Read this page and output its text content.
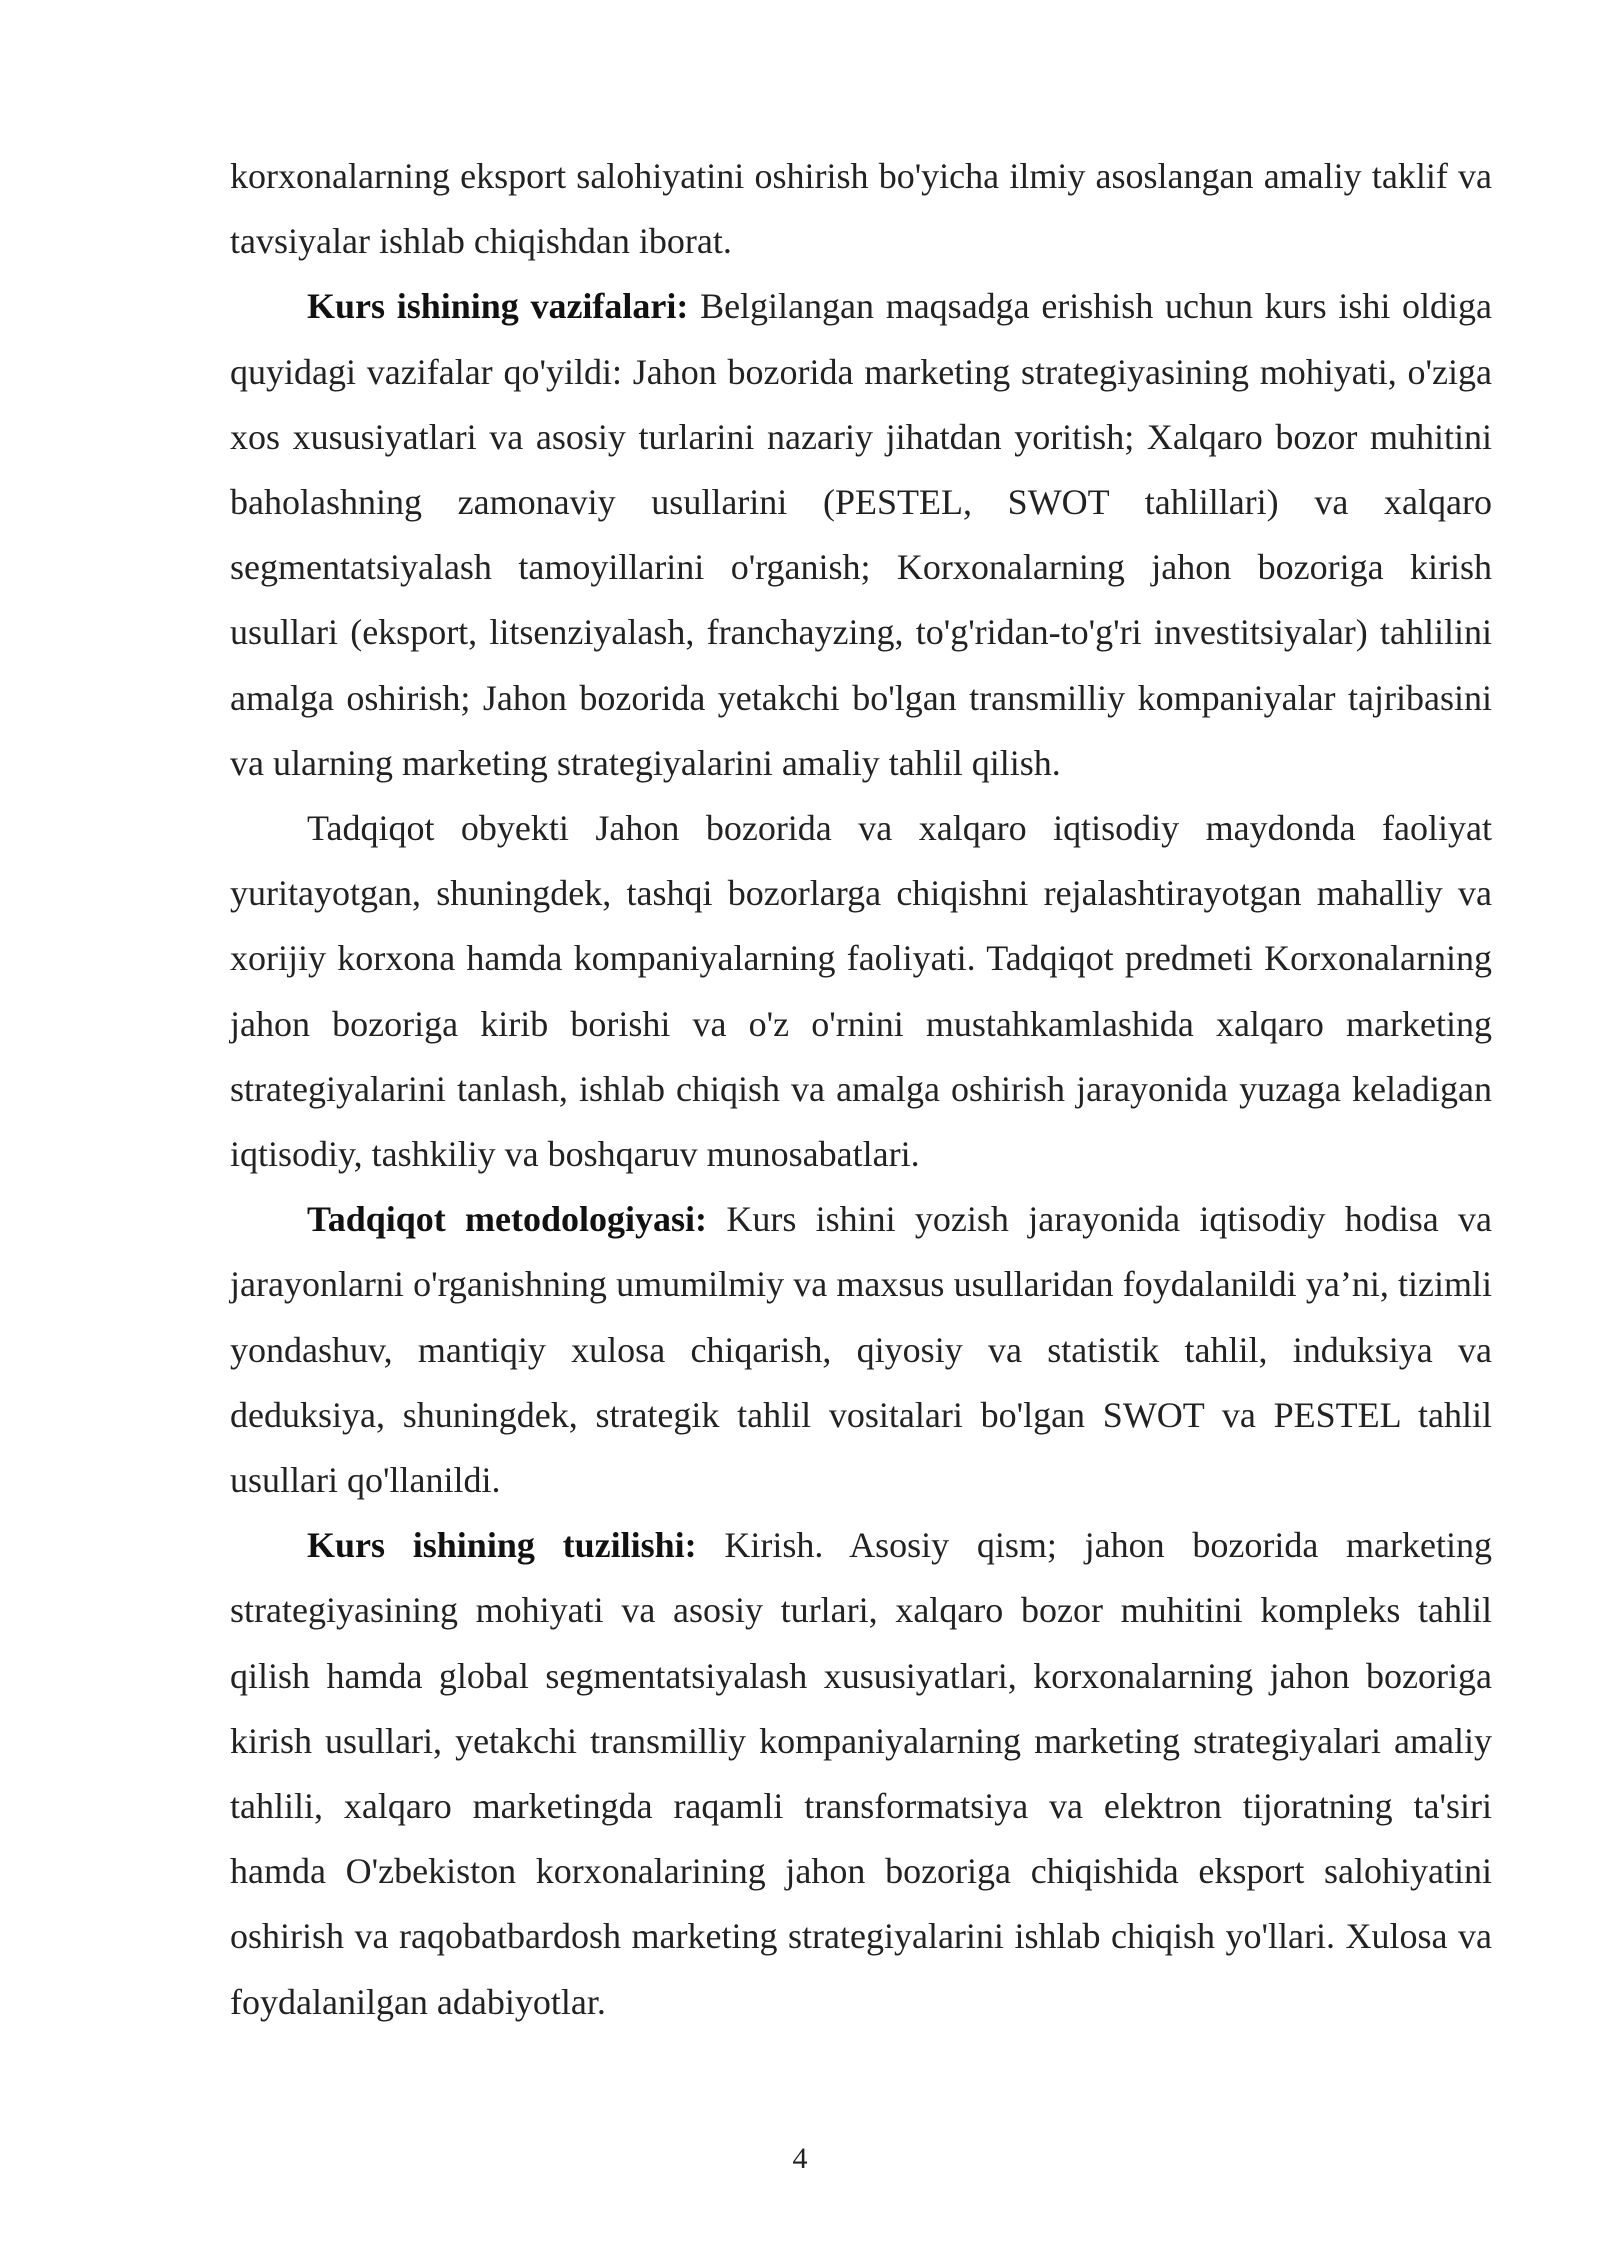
korxonalarning eksport salohiyatini oshirish bo'yicha ilmiy asoslangan amaliy taklif va tavsiyalar ishlab chiqishdan iborat.

Kurs ishining vazifalari: Belgilangan maqsadga erishish uchun kurs ishi oldiga quyidagi vazifalar qo'yildi: Jahon bozorida marketing strategiyasining mohiyati, o'ziga xos xususiyatlari va asosiy turlarini nazariy jihatdan yoritish; Xalqaro bozor muhitini baholashning zamonaviy usullarini (PESTEL, SWOT tahlillari) va xalqaro segmentatsiyalash tamoyillarini o'rganish; Korxonalarning jahon bozoriga kirish usullari (eksport, litsenziyalash, franchayzing, to'g'ridan-to'g'ri investitsiyalar) tahlilini amalga oshirish; Jahon bozorida yetakchi bo'lgan transmilliy kompaniyalar tajribasini va ularning marketing strategiyalarini amaliy tahlil qilish.

Tadqiqot obyekti Jahon bozorida va xalqaro iqtisodiy maydonda faoliyat yuritayotgan, shuningdek, tashqi bozorlarga chiqishni rejalashtirayotgan mahalliy va xorijiy korxona hamda kompaniyalarning faoliyati. Tadqiqot predmeti Korxonalarning jahon bozoriga kirib borishi va o'z o'rnini mustahkamlashida xalqaro marketing strategiyalarini tanlash, ishlab chiqish va amalga oshirish jarayonida yuzaga keladigan iqtisodiy, tashkiliy va boshqaruv munosabatlari.

Tadqiqot metodologiyasi: Kurs ishini yozish jarayonida iqtisodiy hodisa va jarayonlarni o'rganishning umumilmiy va maxsus usullaridan foydalanildi ya’ni, tizimli yondashuv, mantiqiy xulosa chiqarish, qiyosiy va statistik tahlil, induksiya va deduksiya, shuningdek, strategik tahlil vositalari bo'lgan SWOT va PESTEL tahlil usullari qo'llanildi.

Kurs ishining tuzilishi: Kirish. Asosiy qism; jahon bozorida marketing strategiyasining mohiyati va asosiy turlari, xalqaro bozor muhitini kompleks tahlil qilish hamda global segmentatsiyalash xususiyatlari, korxonalarning jahon bozoriga kirish usullari, yetakchi transmilliy kompaniyalarning marketing strategiyalari amaliy tahlili, xalqaro marketingda raqamli transformatsiya va elektron tijoratning ta'siri hamda O'zbekiston korxonalarining jahon bozoriga chiqishida eksport salohiyatini oshirish va raqobatbardosh marketing strategiyalarini ishlab chiqish yo'llari. Xulosa va foydalanilgan adabiyotlar.

4
